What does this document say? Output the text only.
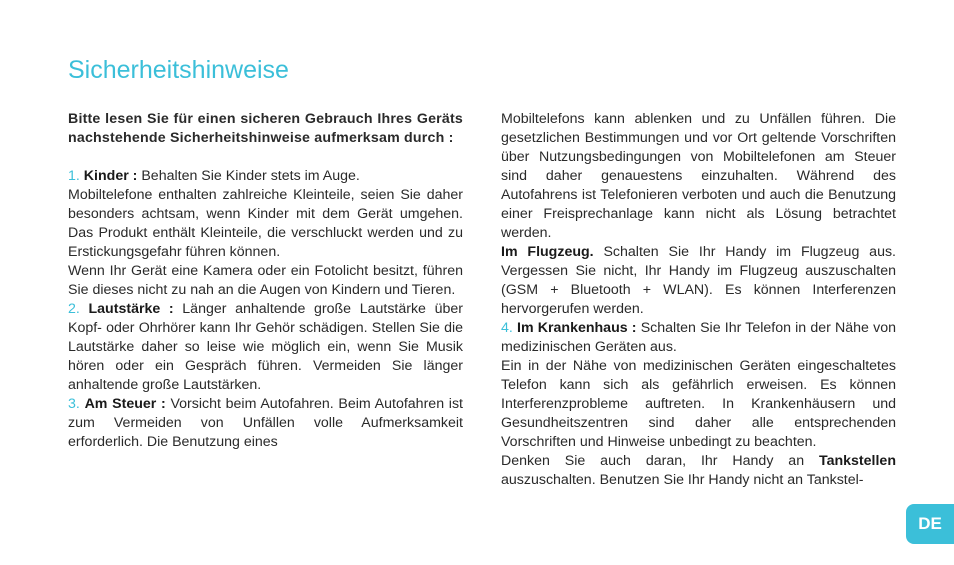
Sicherheitshinweise

Bitte lesen Sie für einen sicheren Gebrauch Ihres Geräts nachstehende Sicherheitshinweise aufmerksam durch :

1. Kinder : Behalten Sie Kinder stets im Auge.

Mobiltelefone enthalten zahlreiche Kleinteile, seien Sie daher besonders achtsam, wenn Kinder mit dem Gerät umgehen. Das Produkt enthält Kleinteile, die verschluckt werden und zu Erstickungsgefahr führen können.

Wenn Ihr Gerät eine Kamera oder ein Fotolicht besitzt, führen Sie dieses nicht zu nah an die Augen von Kindern und Tieren.

2. Lautstärke : Länger anhaltende große Lautstärke über Kopf- oder Ohrhörer kann Ihr Gehör schädigen. Stellen Sie die Lautstärke daher so leise wie möglich ein, wenn Sie Musik hören oder ein Gespräch führen. Vermeiden Sie länger anhaltende große Lautstärken.

3. Am Steuer : Vorsicht beim Autofahren. Beim Autofahren ist zum Vermeiden von Unfällen volle Aufmerksamkeit erforderlich. Die Benutzung eines

Mobiltelefons kann ablenken und zu Unfällen führen. Die gesetzlichen Bestimmungen und vor Ort geltende Vorschriften über Nutzungsbedingungen von Mobiltelefonen am Steuer sind daher genauestens einzuhalten. Während des Autofahrens ist Telefonieren verboten und auch die Benutzung einer Freisprechanlage kann nicht als Lösung betrachtet werden.

Im Flugzeug. Schalten Sie Ihr Handy im Flugzeug aus. Vergessen Sie nicht, Ihr Handy im Flugzeug auszuschalten (GSM + Bluetooth + WLAN). Es können Interferenzen hervorgerufen werden.

4. Im Krankenhaus : Schalten Sie Ihr Telefon in der Nähe von medizinischen Geräten aus.

Ein in der Nähe von medizinischen Geräten eingeschaltetes Telefon kann sich als gefährlich erweisen. Es können Interferenzprobleme auftreten. In Krankenhäusern und Gesundheitszentren sind daher alle entsprechenden Vorschriften und Hinweise unbedingt zu beachten.

Denken Sie auch daran, Ihr Handy an Tankstellen auszuschalten. Benutzen Sie Ihr Handy nicht an Tankstel-

DE
